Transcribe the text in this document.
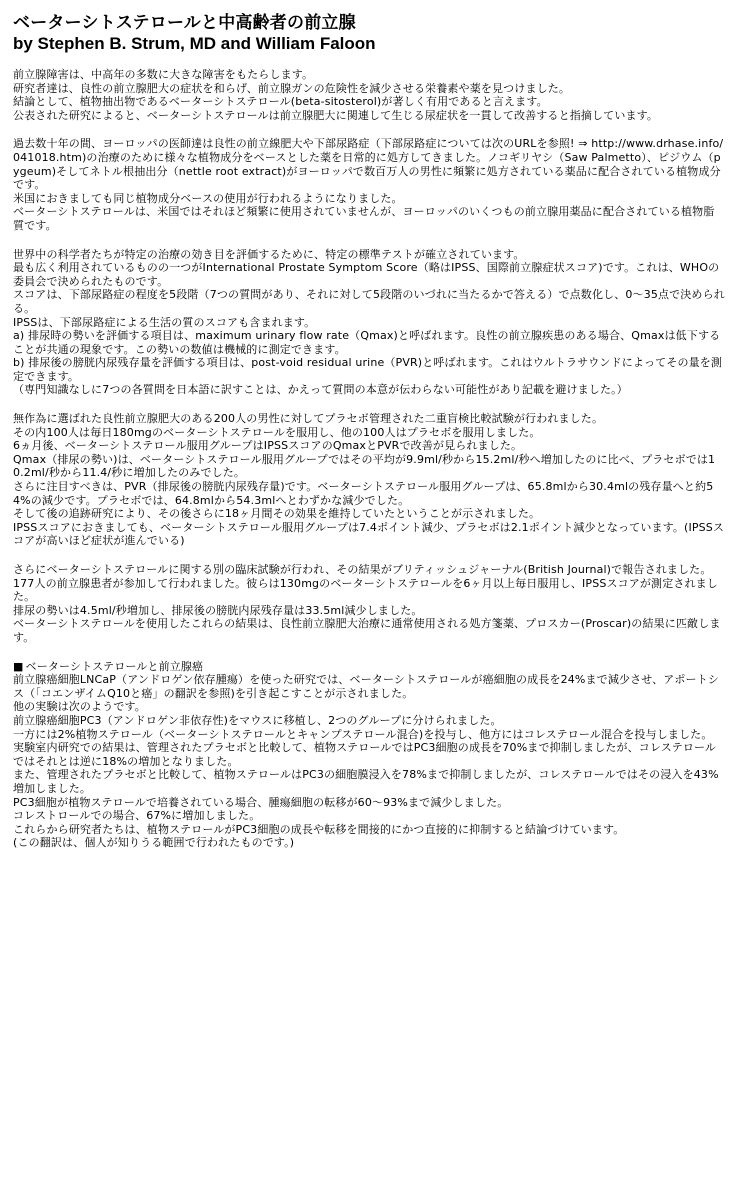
ベーターシトステロールと中高齢者の前立腺
by Stephen B. Strum, MD and William Faloon

前立腺障害は、中高年の多数に大きな障害をもたらします。

研究者達は、良性の前立腺肥大の症状を和らげ、前立腺ガンの危険性を減少させる栄養素や薬を見つけました。

結論として、植物抽出物であるベーターシトステロール(beta-sitosterol)が著しく有用であると言えます。

公表された研究によると、ベーターシトステロールは前立腺肥大に関連して生じる尿症状を一貫して改善すると指摘しています。

過去数十年の間、ヨーロッパの医師達は良性の前立線肥大や下部尿路症（下部尿路症については次のURLを参照! ⇒ http://www.drhase.info/041018.htm)の治療のために様々な植物成分をベースとした薬を日常的に処方してきました。ノコギリヤシ（Saw Palmetto）、ピジウム（pygeum)そしてネトル根抽出分（nettle root extract)がヨーロッパで数百万人の男性に頻繁に処方されている薬品に配合されている植物成分です。

米国におきましても同じ植物成分ベースの使用が行われるようになりました。

ベーターシトステロールは、米国ではそれほど頻繁に使用されていませんが、ヨーロッパのいくつもの前立腺用薬品に配合されている植物脂質です。

世界中の科学者たちが特定の治療の効き目を評価するために、特定の標準テストが確立されています。

最も広く利用されているものの一つがInternational Prostate Symptom Score（略はIPSS、国際前立腺症状スコア)です。これは、WHOの委員会で決められたものです。

スコアは、下部尿路症の程度を5段階（7つの質問があり、それに対して5段階のいづれに当たるかで答える）で点数化し、0～35点で決められる。

IPSSは、下部尿路症による生活の質のスコアも含まれます。

a) 排尿時の勢いを評価する項目は、maximum urinary flow rate（Qmax)と呼ばれます。良性の前立腺疾患のある場合、Qmaxは低下することが共通の現象です。この勢いの数値は機械的に測定できます。

b) 排尿後の膀胱内尿残存量を評価する項目は、post-void residual urine（PVR)と呼ばれます。これはウルトラサウンドによってその量を測定できます。

（専門知識なしに7つの各質問を日本語に訳すことは、かえって質問の本意が伝わらない可能性があり記載を避けました。）

無作為に選ばれた良性前立腺肥大のある200人の男性に対してプラセボ管理された二重盲検比較試験が行われました。

その内100人は毎日180mgのベーターシトステロールを服用し、他の100人はプラセボを服用しました。

6ヵ月後、ベーターシトステロール服用グループはIPSSスコアのQmaxとPVRで改善が見られました。

Qmax（排尿の勢い)は、ベーターシトステロール服用グループではその平均が9.9ml/秒から15.2ml/秒へ増加したのに比べ、プラセボでは10.2ml/秒から11.4/秒に増加したのみでした。

さらに注目すべきは、PVR（排尿後の膀胱内尿残存量)です。ベーターシトステロール服用グループは、65.8mlから30.4mlの残存量へと約54%の減少です。プラセボでは、64.8mlから54.3mlへとわずかな減少でした。

そして後の追跡研究により、その後さらに18ヶ月間その効果を維持していたということが示されました。

IPSSスコアにおきましても、ベーターシトステロール服用グループは7.4ポイント減少、プラセボは2.1ポイント減少となっています。(IPSSスコアが高いほど症状が進んでいる)

さらにベーターシトステロールに関する別の臨床試験が行われ、その結果がブリティッシュジャーナル(British Journal)で報告されました。

177人の前立腺患者が参加して行われました。彼らは130mgのベーターシトステロールを6ヶ月以上毎日服用し、IPSSスコアが測定されました。

排尿の勢いは4.5ml/秒増加し、排尿後の膀胱内尿残存量は33.5ml減少しました。

ベーターシトステロールを使用したこれらの結果は、良性前立腺肥大治療に通常使用される処方箋薬、プロスカー(Proscar)の結果に匹敵します。

■ ベーターシトステロールと前立腺癌

前立腺癌細胞LNCaP（アンドロゲン依存腫瘍）を使った研究では、ベーターシトステロールが癌細胞の成長を24%まで減少させ、アポートシス（「コエンザイムQ10と癌」の翻訳を参照)を引き起こすことが示されました。

他の実験は次のようです。

前立腺癌細胞PC3（アンドロゲン非依存性)をマウスに移植し、2つのグループに分けられました。

一方には2%植物ステロール（ベーターシトステロールとキャンプステロール混合)を投与し、他方にはコレステロール混合を投与しました。

実験室内研究での結果は、管理されたプラセボと比較して、植物ステロールではPC3細胞の成長を70%まで抑制しましたが、コレステロールではそれとは逆に18%の増加となりました。

また、管理されたプラセボと比較して、植物ステロールはPC3の細胞膜浸入を78%まで抑制しましたが、コレステロールではその浸入を43%増加しました。

PC3細胞が植物ステロールで培養されている場合、腫瘍細胞の転移が60～93%まで減少しました。

コレストロールでの場合、67%に増加しました。

これらから研究者たちは、植物ステロールがPC3細胞の成長や転移を間接的にかつ直接的に抑制すると結論づけています。

(この翻訳は、個人が知りうる範囲で行われたものです。)
